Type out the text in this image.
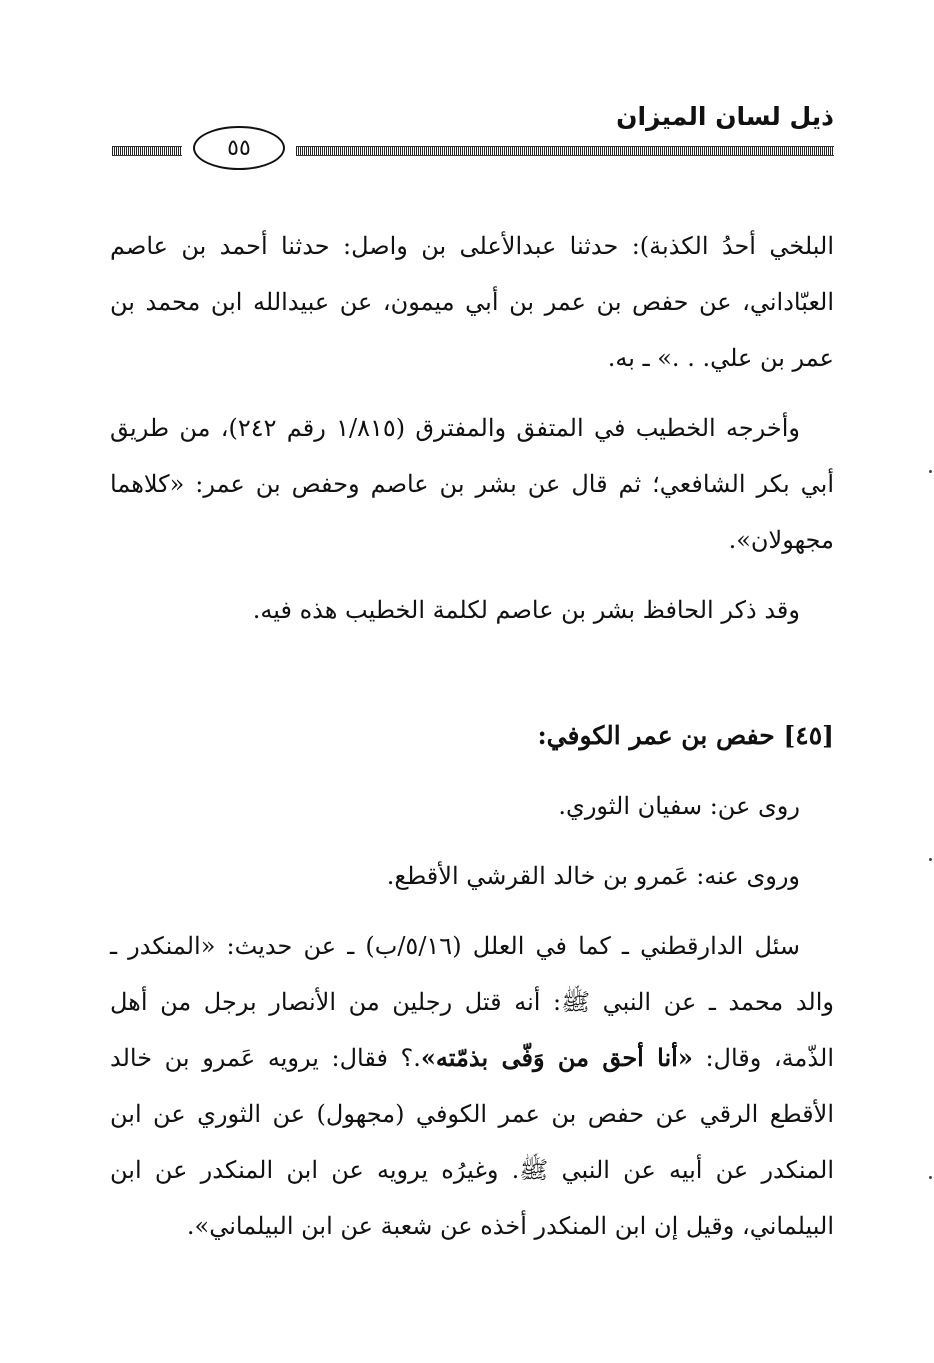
ذيل لسان الميزان
٥٥

البلخي أحدُ الكذبة): حدثنا عبدالأعلى بن واصل: حدثنا أحمد بن عاصم العبّاداني، عن حفص بن عمر بن أبي ميمون، عن عبيدالله ابن محمد بن عمر بن علي. . .» ـ به.

وأخرجه الخطيب في المتفق والمفترق (١/٨١٥ رقم ٢٤٢)، من طريق أبي بكر الشافعي؛ ثم قال عن بشر بن عاصم وحفص بن عمر: «كلاهما مجهولان».

وقد ذكر الحافظ بشر بن عاصم لكلمة الخطيب هذه فيه.

[٤٥] حفص بن عمر الكوفي:

روى عن: سفيان الثوري.

وروى عنه: عَمرو بن خالد القرشي الأقطع.

سئل الدارقطني ـ كما في العلل (٥/١٦/ب) ـ عن حديث: «المنكدر ـ والد محمد ـ عن النبي ﷺ: أنه قتل رجلين من الأنصار برجل من أهل الذّمة، وقال: «أنا أحق من وَفّى بذمّته».؟ فقال: يرويه عَمرو بن خالد الأقطع الرقي عن حفص بن عمر الكوفي (مجهول) عن الثوري عن ابن المنكدر عن أبيه عن النبي ﷺ. وغيرُه يرويه عن ابن المنكدر عن ابن البيلماني، وقيل إن ابن المنكدر أخذه عن شعبة عن ابن البيلماني».
